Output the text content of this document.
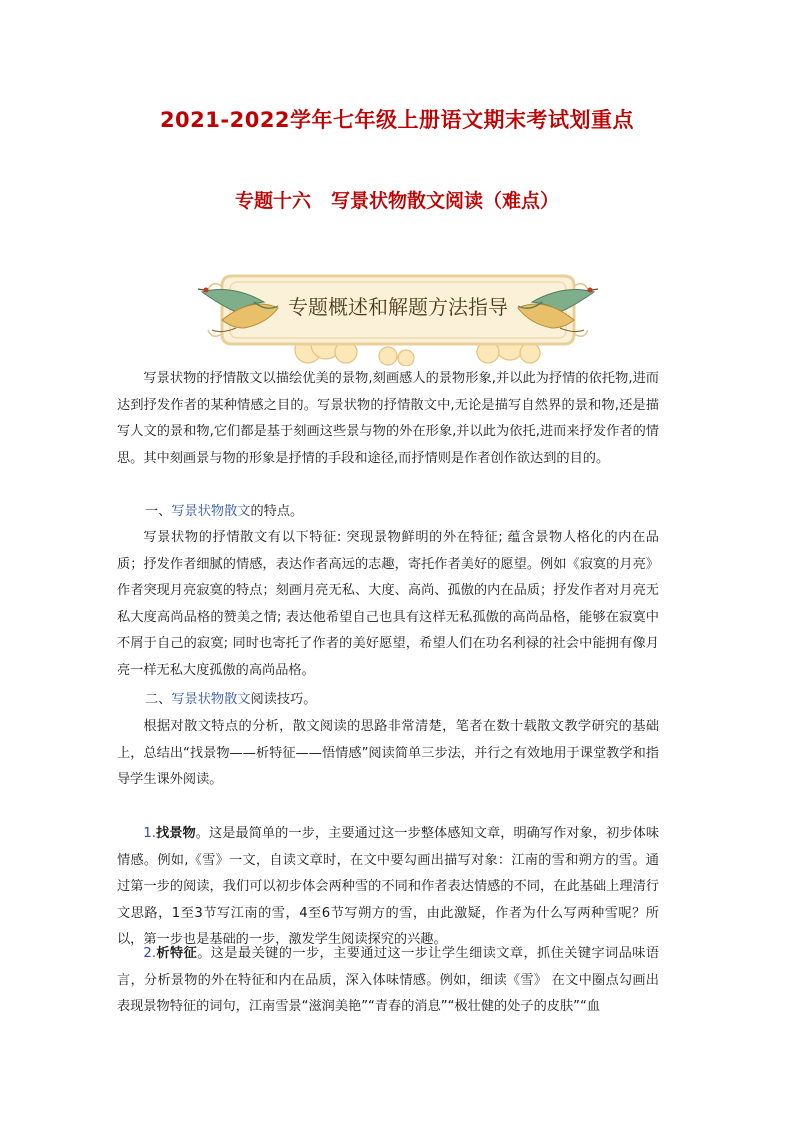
2021-2022学年七年级上册语文期末考试划重点
专题十六 写景状物散文阅读（难点）
专题概述和解题方法指导

写景状物的抒情散文以描绘优美的景物,刻画感人的景物形象,并以此为抒情的依托物,进而达到抒发作者的某种情感之目的。写景状物的抒情散文中,无论是描写自然界的景和物,还是描写人文的景和物,它们都是基于刻画这些景与物的外在形象,并以此为依托,进而来抒发作者的情思。其中刻画景与物的形象是抒情的手段和途径,而抒情则是作者创作欲达到的目的。

一、写景状物散文的特点。

写景状物的抒情散文有以下特征: 突现景物鲜明的外在特征; 蕴含景物人格化的内在品质；抒发作者细腻的情感，表达作者高远的志趣，寄托作者美好的愿望。例如《寂寞的月亮》作者突现月亮寂寞的特点；刻画月亮无私、大度、高尚、孤傲的内在品质；抒发作者对月亮无私大度高尚品格的赞美之情; 表达他希望自己也具有这样无私孤傲的高尚品格，能够在寂寞中不屑于自己的寂寞; 同时也寄托了作者的美好愿望，希望人们在功名利禄的社会中能拥有像月亮一样无私大度孤傲的高尚品格。

二、写景状物散文阅读技巧。

根据对散文特点的分析，散文阅读的思路非常清楚，笔者在数十载散文教学研究的基础上，总结出“找景物——析特征——悟情感”阅读简单三步法，并行之有效地用于课堂教学和指导学生课外阅读。

1.找景物。这是最简单的一步，主要通过这一步整体感知文章，明确写作对象，初步体味情感。例如,《雪》一文，自读文章时，在文中要勾画出描写对象：江南的雪和朔方的雪。通过第一步的阅读，我们可以初步体会两种雪的不同和作者表达情感的不同，在此基础上理清行文思路，1至3节写江南的雪，4至6节写朔方的雪，由此激疑，作者为什么写两种雪呢？所以，第一步也是基础的一步，激发学生阅读探究的兴趣。

2.析特征。这是最关键的一步，主要通过这一步让学生细读文章，抓住关键字词品味语言，分析景物的外在特征和内在品质，深入体味情感。例如，细读《雪》 在文中圈点勾画出表现景物特征的词句，江南雪景“滋润美艳”“青春的消息”“极壮健的处子的皮肤”“血
